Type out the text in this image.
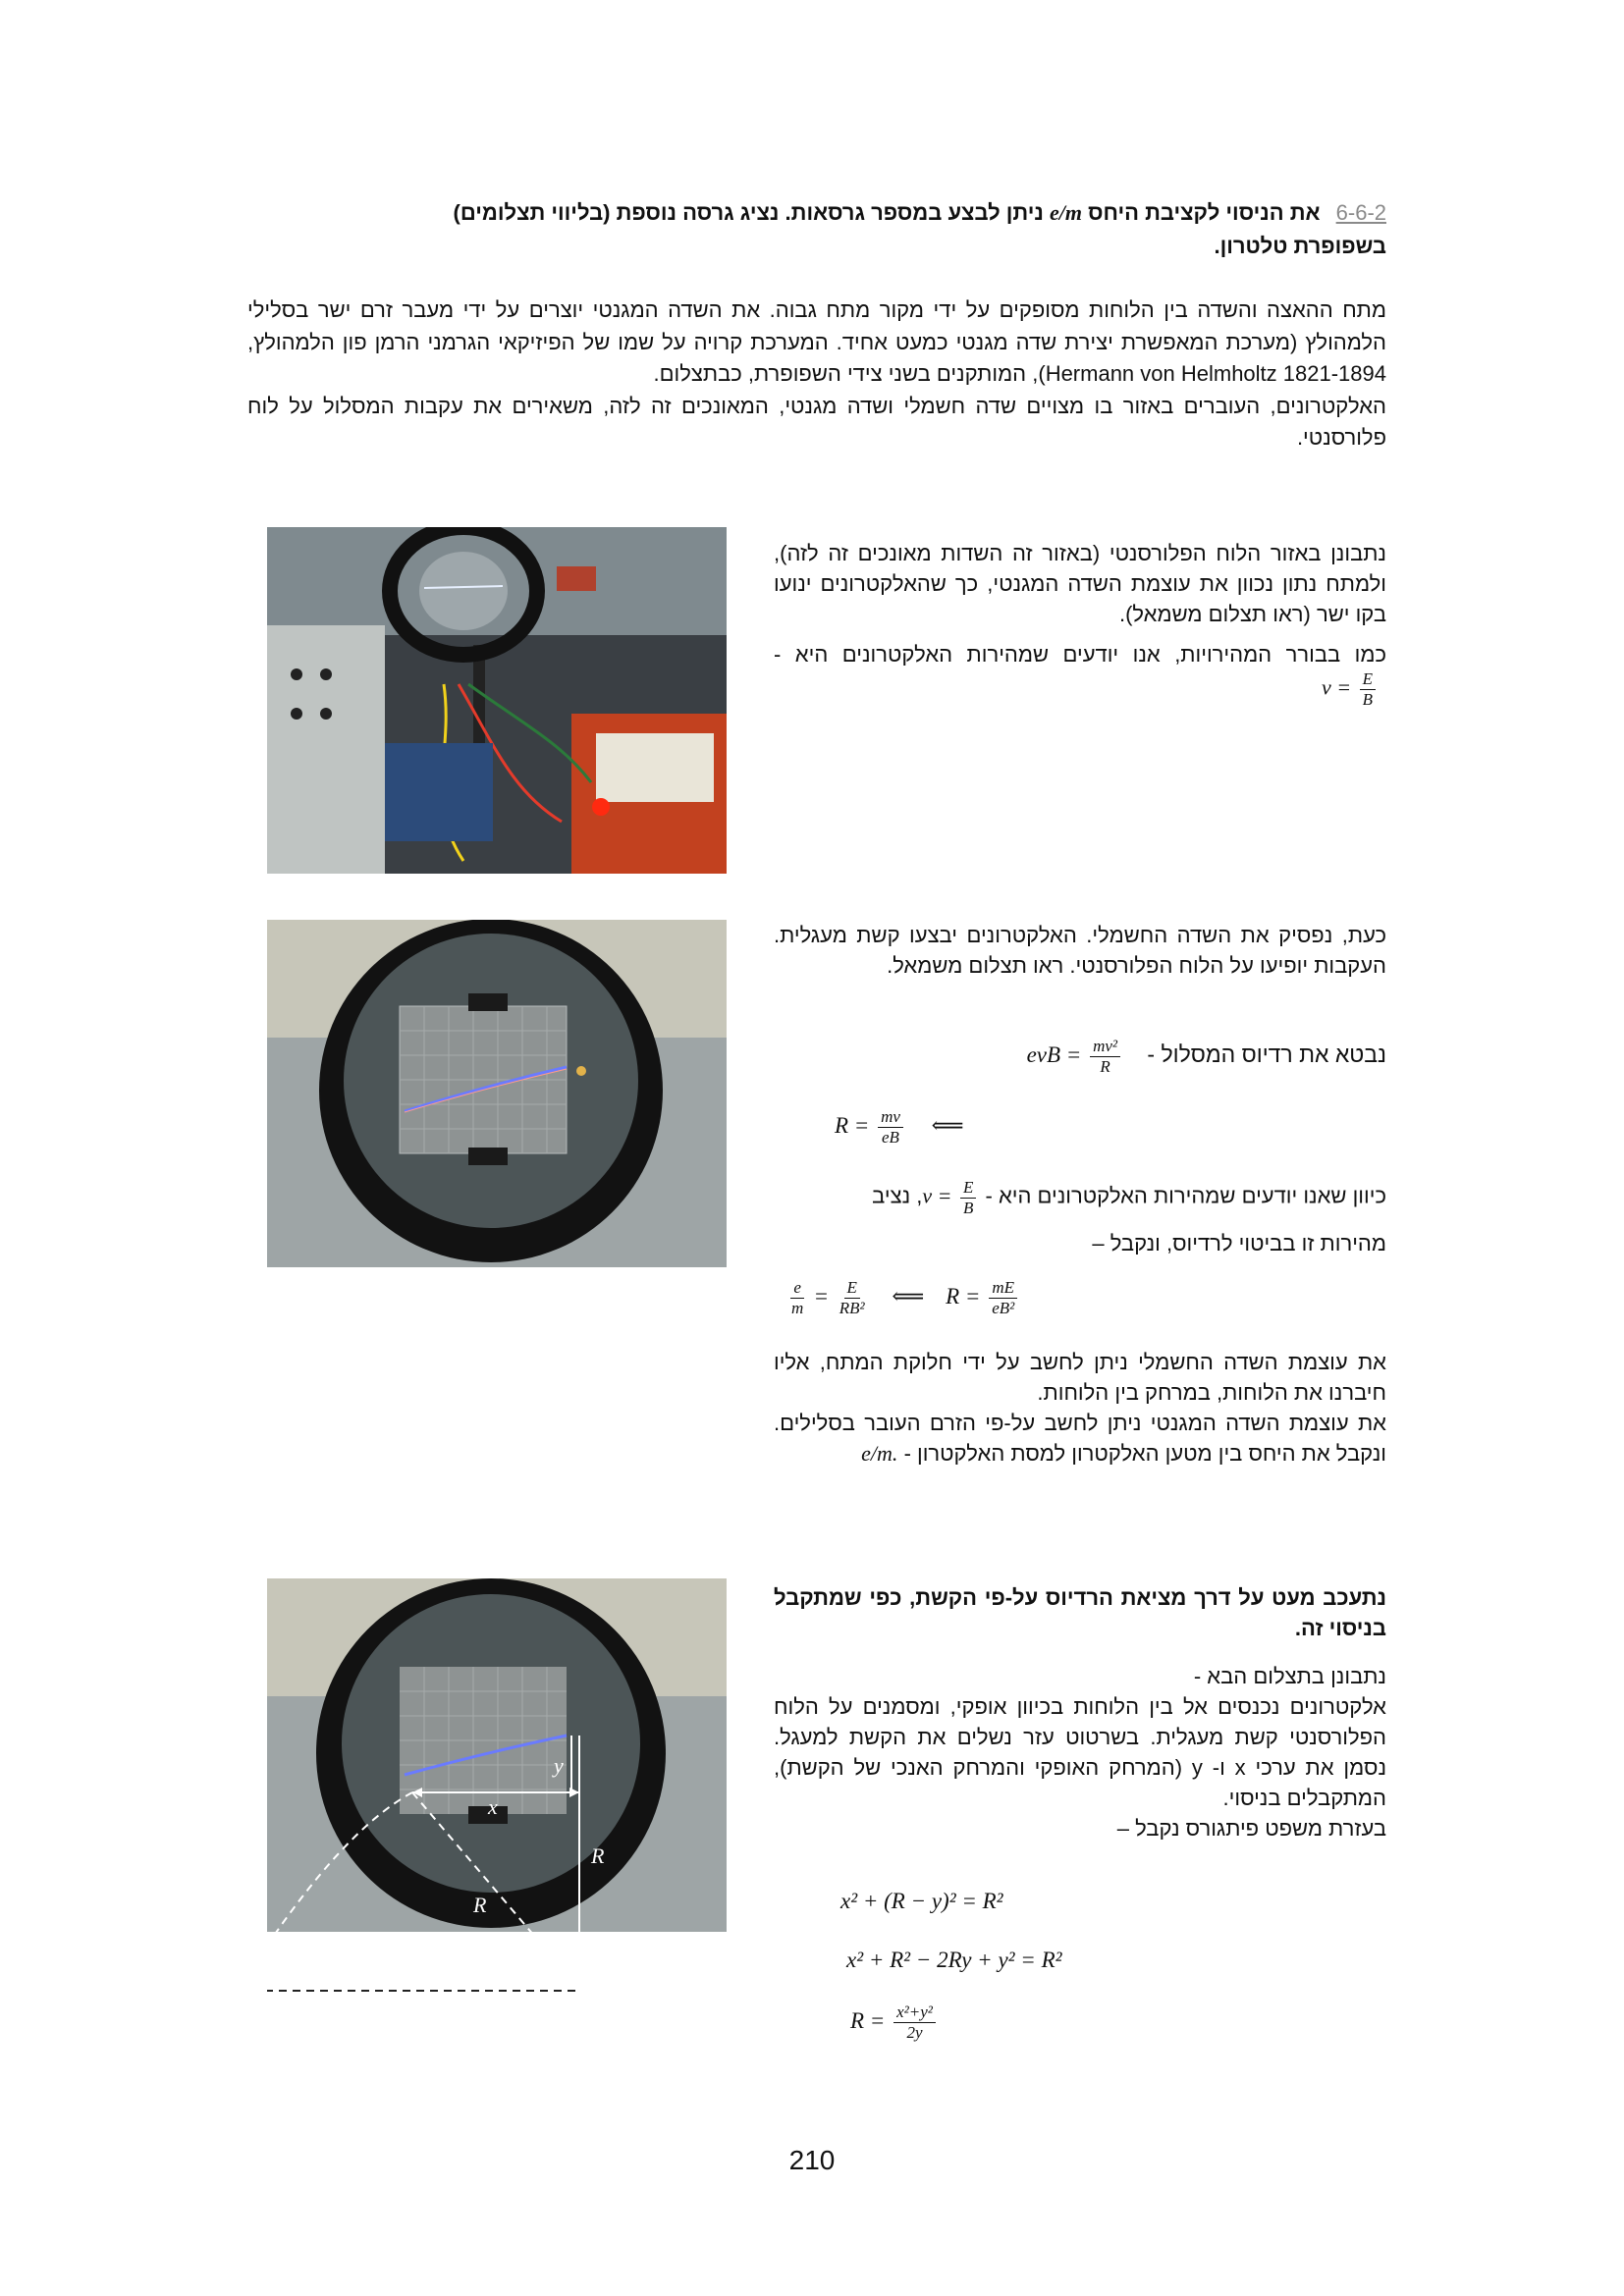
6-6-2 את הניסוי לקציבת היחס e/m ניתן לבצע במספר גרסאות. נציג גרסה נוספת (בליווי תצלומים)
בשפופרת טלטרון.
מתח ההאצה והשדה בין הלוחות מסופקים על ידי מקור מתח גבוה. את השדה המגנטי יוצרים על ידי מעבר זרם ישר בסלילי הלמהולץ (מערכת המאפשרת יצירת שדה מגנטי כמעט אחיד. המערכת קרויה על שמו של הפיזיקאי הגרמני הרמן פון הלמהולץ, Hermann von Helmholtz 1821-1894), המותקנים בשני צידי השפופרת, כבתצלום.
האלקטרונים, העוברים באזור בו מצויים שדה חשמלי ושדה מגנטי, המאונכים זה לזה, משאירים את עקבות המסלול על לוח פלורסנטי.

נתבונן באזור הלוח הפלורסנטי (באזור זה השדות מאונכים זה לזה), ולמתח נתון נכוון את עוצמת השדה המגנטי, כך שהאלקטרונים ינועו בקו ישר (ראו תצלום משמאל).

כמו בבורר המהירויות, אנו יודעים שמהירות האלקטרונים היא - $v = \frac{E}{B}$

כעת, נפסיק את השדה החשמלי. האלקטרונים יבצעו קשת מעגלית. העקבות יופיעו על הלוח הפלורסנטי. ראו תצלום משמאל.

נבטא את רדיוס המסלול - evB = $\frac{\text{mv²}}{R}$
$R = \frac{mv}{eB}$ ⟸

כיוון שאנו יודעים שמהירות האלקטרונים היא - $v = \frac{E}{B}$
, נציב

מהירות זו בביטוי לרדיוס, ונקבל –

$\frac{e}{m} = \frac{E}{\text{RB²}}$ ⟸ $R = \frac{mE}{\text{eB²}}$

את עוצמת השדה החשמלי ניתן לחשב על ידי חלוקת המתח, אליו חיברנו את הלוחות, במרחק בין הלוחות.

את עוצמת השדה המגנטי ניתן לחשב על-פי הזרם העובר בסלילים. ונקבל את היחס בין מטען האלקטרון למסת האלקטרון - e/m.

x
y
R
R

נתעכב מעט על דרך מציאת הרדיוס על-פי הקשת, כפי שמתקבל בניסוי זה.

נתבונן בתצלום הבא -

אלקטרונים נכנסים אל בין הלוחות בכיוון אופקי, ומסמנים על הלוח הפלורסנטי קשת מעגלית. בשרטוט עזר נשלים את הקשת למעגל. נסמן את ערכי x ו- y (המרחק האופקי והמרחק האנכי של הקשת), המתקבלים בניסוי.

בעזרת משפט פיתגורס נקבל –

x² + (R − y)² = R²
x² + R² − 2Ry + y² = R²
$R = \frac{\text{x²+y²}}{2y}$
210
